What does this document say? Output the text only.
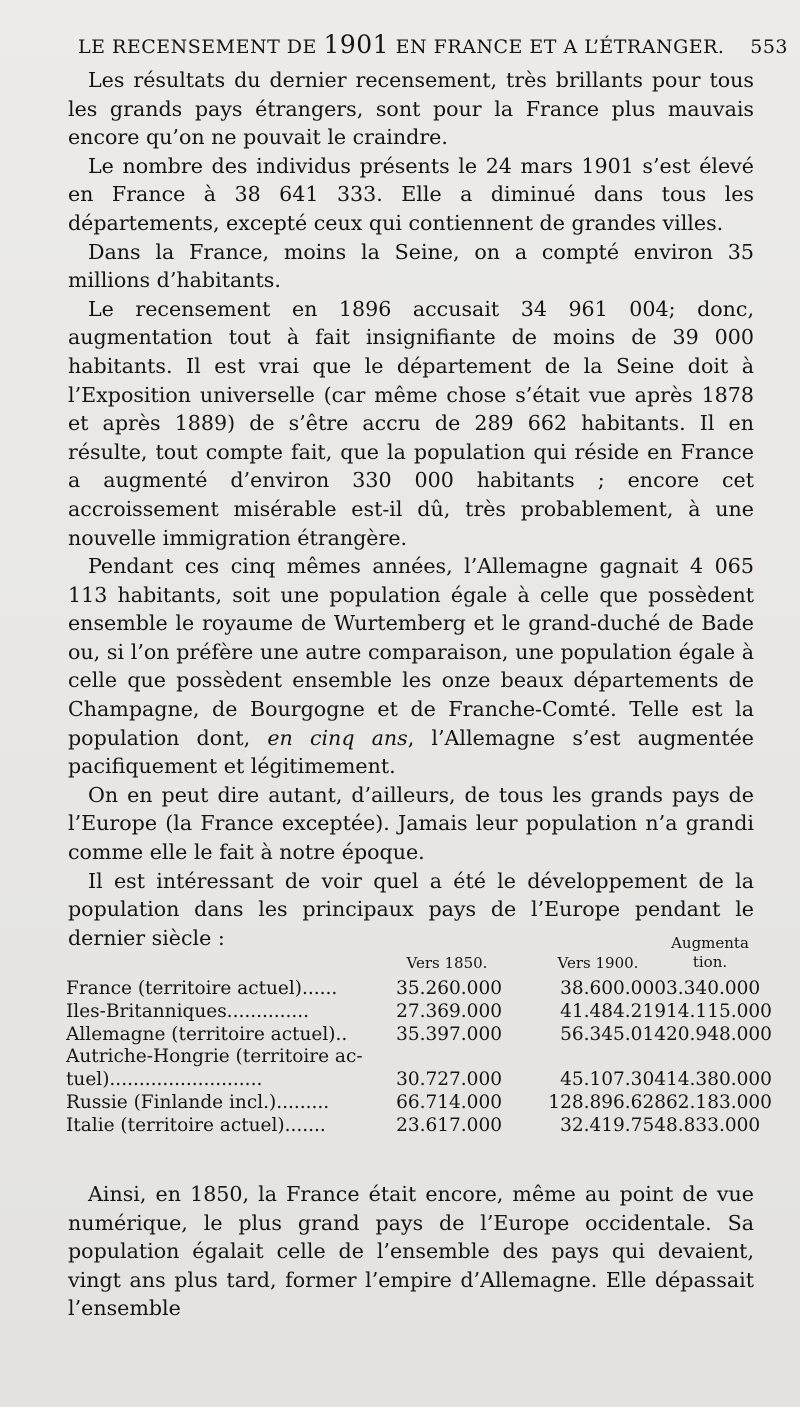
LE RECENSEMENT DE 1901 EN FRANCE ET A L’ÉTRANGER. 553

Les résultats du dernier recensement, très brillants pour tous les grands pays étrangers, sont pour la France plus mauvais encore qu’on ne pouvait le craindre.

Le nombre des individus présents le 24 mars 1901 s’est élevé en France à 38 641 333. Elle a diminué dans tous les départements, excepté ceux qui contiennent de grandes villes.

Dans la France, moins la Seine, on a compté environ 35 millions d’habitants.

Le recensement en 1896 accusait 34 961 004; donc, augmentation tout à fait insignifiante de moins de 39 000 habitants. Il est vrai que le département de la Seine doit à l’Exposition universelle (car même chose s’était vue après 1878 et après 1889) de s’être accru de 289 662 habitants. Il en résulte, tout compte fait, que la population qui réside en France a augmenté d’environ 330 000 habitants ; encore cet accroissement misérable est-il dû, très probablement, à une nouvelle immigration étrangère.

Pendant ces cinq mêmes années, l’Allemagne gagnait 4 065 113 habitants, soit une population égale à celle que possèdent ensemble le royaume de Wurtemberg et le grand-duché de Bade ou, si l’on préfère une autre comparaison, une population égale à celle que possèdent ensemble les onze beaux départements de Champagne, de Bourgogne et de Franche-Comté. Telle est la population dont, en cinq ans, l’Allemagne s’est augmentée pacifiquement et légitimement.

On en peut dire autant, d’ailleurs, de tous les grands pays de l’Europe (la France exceptée). Jamais leur population n’a grandi comme elle le fait à notre époque.

Il est intéressant de voir quel a été le développement de la population dans les principaux pays de l’Europe pendant le dernier siècle :

Vers 1850.	Vers 1900.
Augmentation.
France (territoire actuel)......	35.260.000	38.600.000 3.340.000
Iles-Britanniques..............	27.369.000	41.484.219 14.115.000
Allemagne (territoire actuel)..	35.397.000	56.345.014 20.948.000
Autriche-Hongrie (territoire ac-
tuel)..........................	30.727.000	45.107.304 14.380.000
Russie (Finlande incl.).........	66.714.000	128.896.628 62.183.000
Italie (territoire actuel).......	23.617.000	32.419.754 8.833.000

Ainsi, en 1850, la France était encore, même au point de vue numérique, le plus grand pays de l’Europe occidentale. Sa population égalait celle de l’ensemble des pays qui devaient, vingt ans plus tard, former l’empire d’Allemagne. Elle dépassait l’ensemble
